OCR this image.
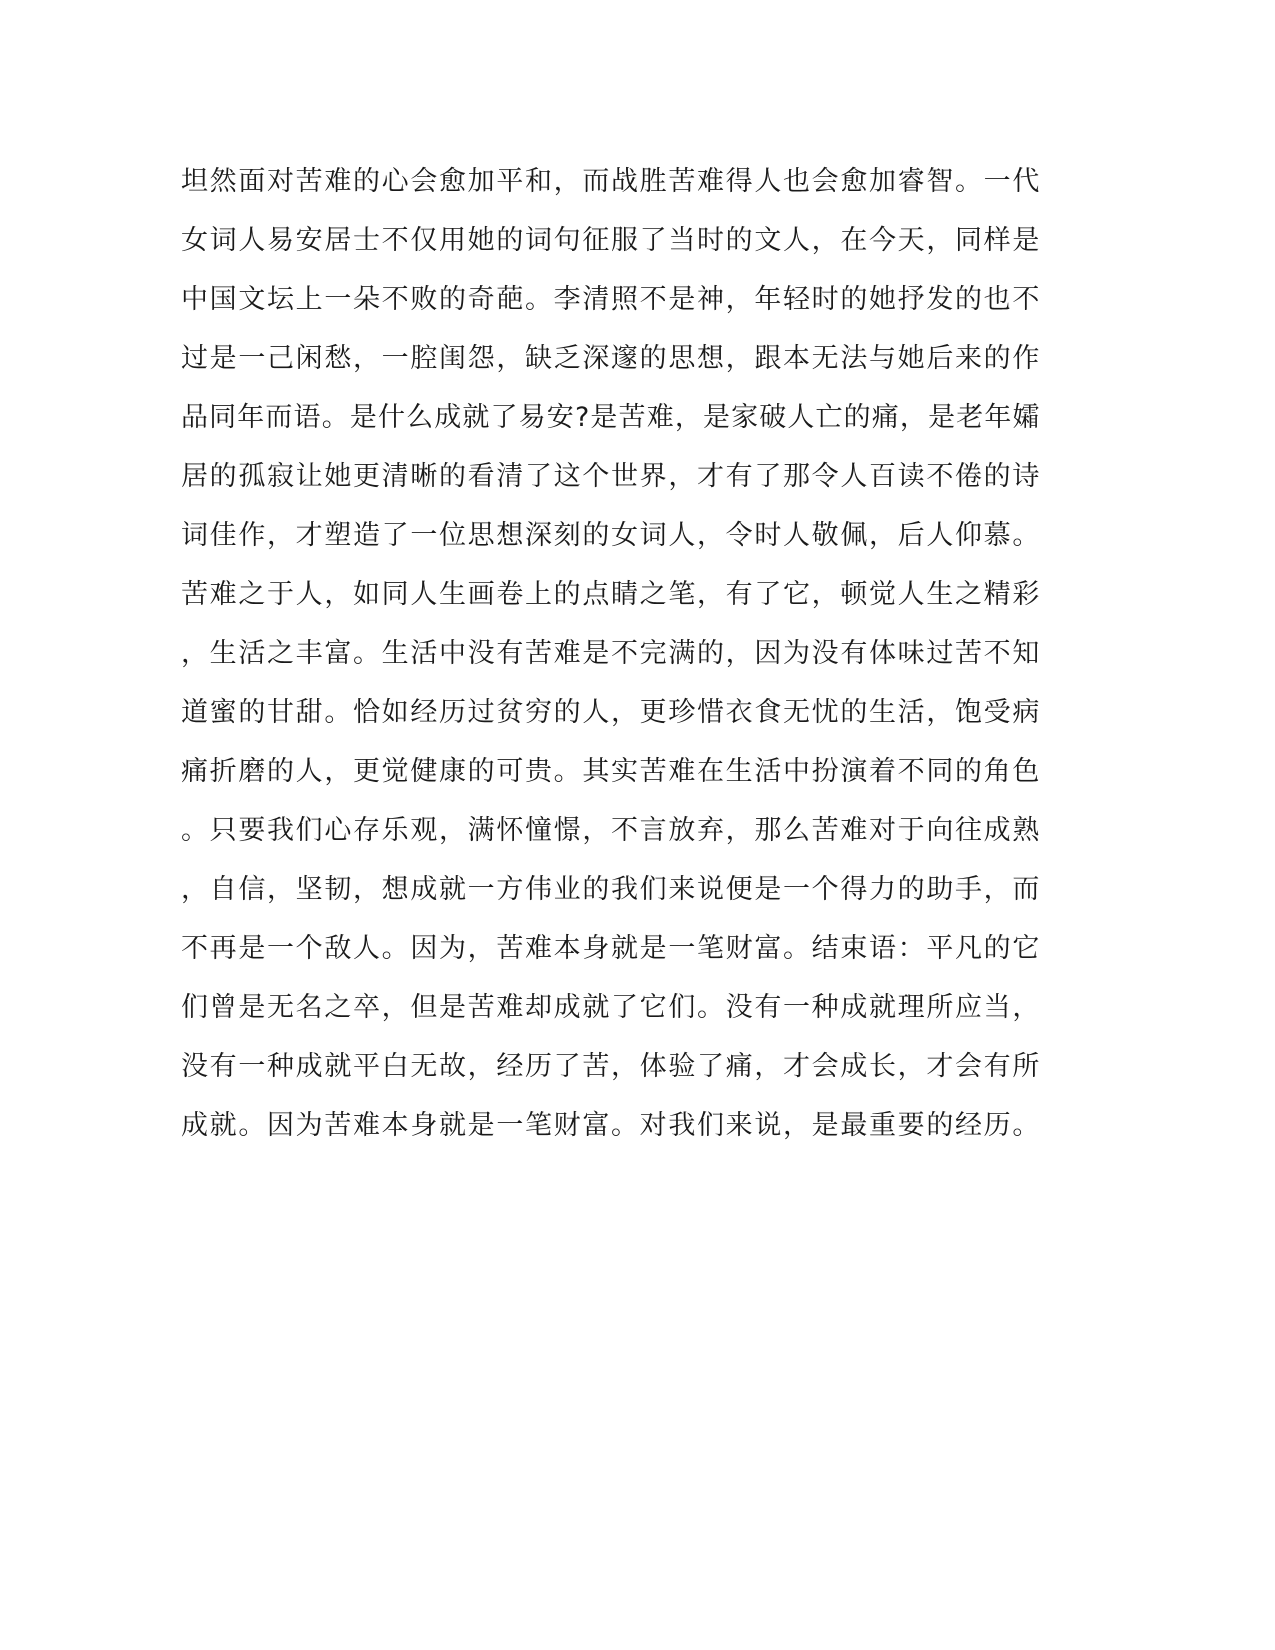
坦然面对苦难的心会愈加平和，而战胜苦难得人也会愈加睿智。一代
女词人易安居士不仅用她的词句征服了当时的文人，在今天，同样是
中国文坛上一朵不败的奇葩。李清照不是神，年轻时的她抒发的也不
过是一己闲愁，一腔闺怨，缺乏深邃的思想，跟本无法与她后来的作
品同年而语。是什么成就了易安?是苦难，是家破人亡的痛，是老年孀
居的孤寂让她更清晰的看清了这个世界，才有了那令人百读不倦的诗
词佳作，才塑造了一位思想深刻的女词人，令时人敬佩，后人仰慕。
苦难之于人，如同人生画卷上的点睛之笔，有了它，顿觉人生之精彩
，生活之丰富。生活中没有苦难是不完满的，因为没有体味过苦不知
道蜜的甘甜。恰如经历过贫穷的人，更珍惜衣食无忧的生活，饱受病
痛折磨的人，更觉健康的可贵。其实苦难在生活中扮演着不同的角色
。只要我们心存乐观，满怀憧憬，不言放弃，那么苦难对于向往成熟
，自信，坚韧，想成就一方伟业的我们来说便是一个得力的助手，而
不再是一个敌人。因为，苦难本身就是一笔财富。结束语：平凡的它
们曾是无名之卒，但是苦难却成就了它们。没有一种成就理所应当，
没有一种成就平白无故，经历了苦，体验了痛，才会成长，才会有所
成就。因为苦难本身就是一笔财富。对我们来说，是最重要的经历。
